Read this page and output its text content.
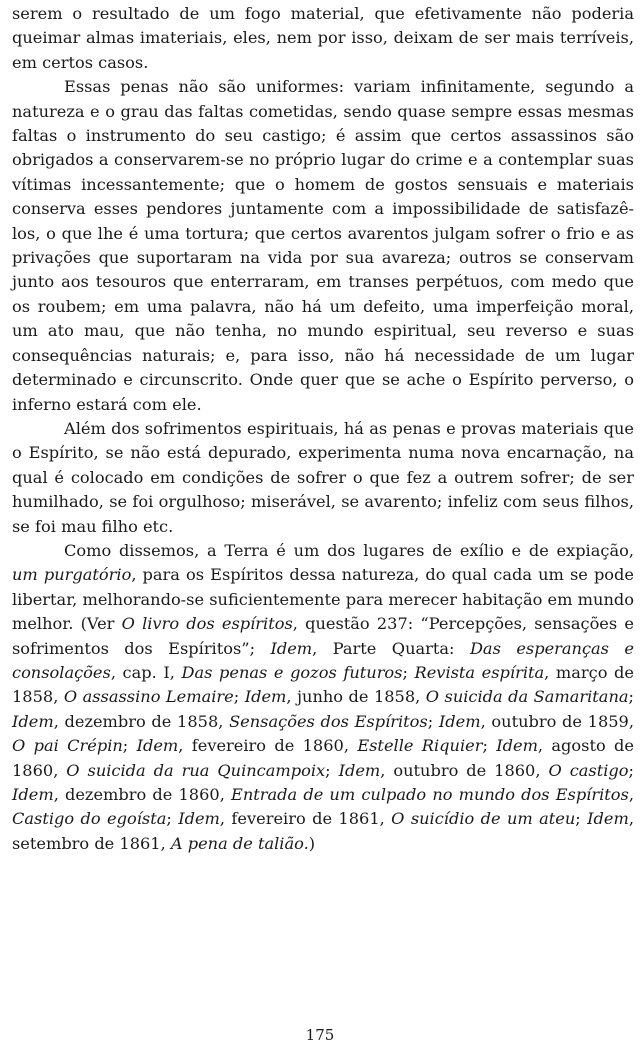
serem o resultado de um fogo material, que efetivamente não poderia queimar almas imateriais, eles, nem por isso, deixam de ser mais terríveis, em certos casos.

Essas penas não são uniformes: variam infinitamente, segundo a natureza e o grau das faltas cometidas, sendo quase sempre essas mesmas faltas o instrumento do seu castigo; é assim que certos assassinos são obrigados a conservarem-se no próprio lugar do crime e a contemplar suas vítimas incessantemente; que o homem de gostos sensuais e materiais conserva esses pendores juntamente com a impossibilidade de satisfazê-los, o que lhe é uma tortura; que certos avarentos julgam sofrer o frio e as privações que suportaram na vida por sua avareza; outros se conservam junto aos tesouros que enterraram, em transes perpétuos, com medo que os roubem; em uma palavra, não há um defeito, uma imperfeição moral, um ato mau, que não tenha, no mundo espiritual, seu reverso e suas consequências naturais; e, para isso, não há necessidade de um lugar determinado e circunscrito. Onde quer que se ache o Espírito perverso, o inferno estará com ele.

Além dos sofrimentos espirituais, há as penas e provas materiais que o Espírito, se não está depurado, experimenta numa nova encarnação, na qual é colocado em condições de sofrer o que fez a outrem sofrer; de ser humilhado, se foi orgulhoso; miserável, se avarento; infeliz com seus filhos, se foi mau filho etc.

Como dissemos, a Terra é um dos lugares de exílio e de expiação, um purgatório, para os Espíritos dessa natureza, do qual cada um se pode libertar, melhorando-se suficientemente para merecer habitação em mundo melhor. (Ver O livro dos espíritos, questão 237: “Percepções, sensações e sofrimentos dos Espíritos”; Idem, Parte Quarta: Das esperanças e consolações, cap. I, Das penas e gozos futuros; Revista espírita, março de 1858, O assassino Lemaire; Idem, junho de 1858, O suicida da Samaritana; Idem, dezembro de 1858, Sensações dos Espíritos; Idem, outubro de 1859, O pai Crépin; Idem, fevereiro de 1860, Estelle Riquier; Idem, agosto de 1860, O suicida da rua Quincampoix; Idem, outubro de 1860, O castigo; Idem, dezembro de 1860, Entrada de um culpado no mundo dos Espíritos, Castigo do egoísta; Idem, fevereiro de 1861, O suicídio de um ateu; Idem, setembro de 1861, A pena de talião.)

175
